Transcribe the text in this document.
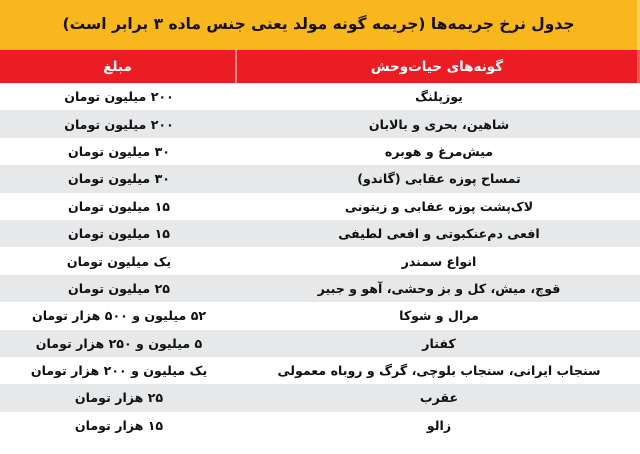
جدول نرخ جریمه‌ها (جریمه گونه مولد یعنی جنس ماده ۳ برابر است)
گونه‌های حیات‌وحش
مبلغ
یوزپلنگ
۲۰۰ میلیون تومان
شاهین، بحری و بالابان
۲۰۰ میلیون تومان
میش‌مرغ و هوبره
۳۰ میلیون تومان
تمساح پوزه عقابی (گاندو)
۳۰ میلیون تومان
لاک‌پشت پوزه عقابی و زیتونی
۱۵ میلیون تومان
افعی دم‌عنکبوتی و افعی لطیفی
۱۵ میلیون تومان
انواع سمندر
یک میلیون تومان
قوچ، میش، کل و بز وحشی، آهو و جبیر
۲۵ میلیون تومان
مرال و شوکا
۵۲ میلیون و ۵۰۰ هزار تومان
کفتار
۵ میلیون و ۲۵۰ هزار تومان
سنجاب ایرانی، سنجاب بلوچی، گرگ و روباه معمولی
یک میلیون و ۲۰۰ هزار تومان
عقرب
۲۵ هزار تومان
زالو
۱۵ هزار تومان
